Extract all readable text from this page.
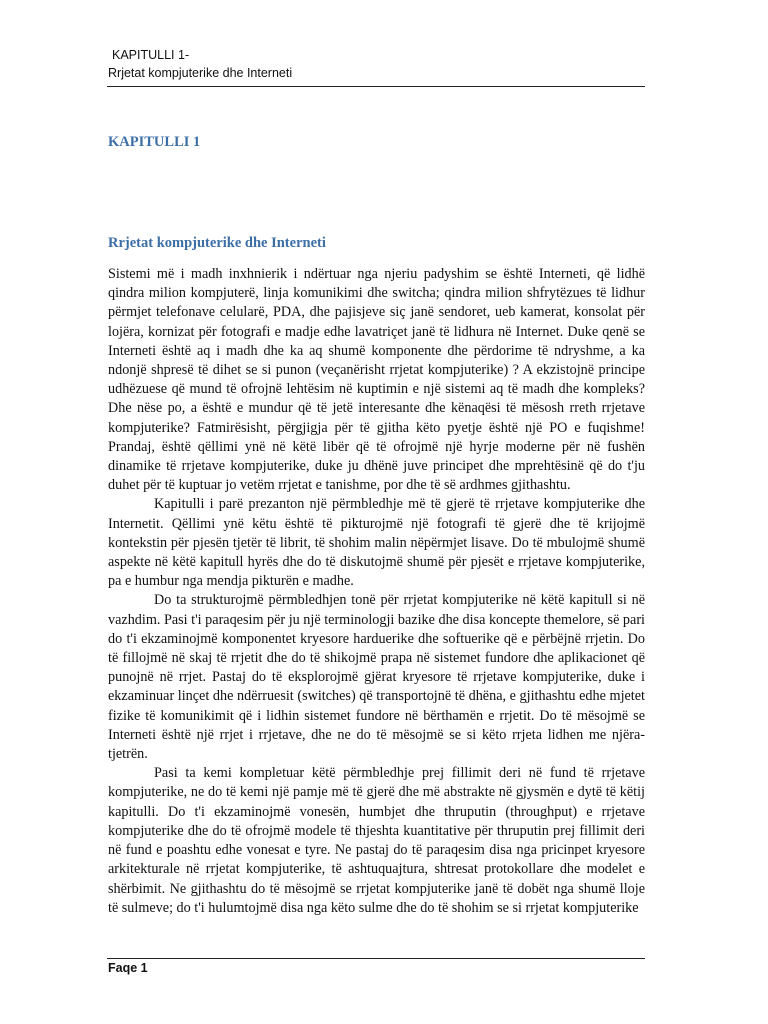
KAPITULLI 1-
Rrjetat kompjuterike dhe Interneti
KAPITULLI 1
Rrjetat kompjuterike dhe Interneti

Sistemi më i madh inxhnierik i ndërtuar nga njeriu padyshim se është Interneti, që lidhë qindra milion kompjuterë, linja komunikimi dhe switcha; qindra milion shfrytëzues të lidhur përmjet telefonave celularë, PDA, dhe pajisjeve siç janë sendoret, ueb kamerat, konsolat për lojëra, kornizat për fotografi e madje edhe lavatriçet janë të lidhura në Internet. Duke qenë se Interneti është aq i madh dhe ka aq shumë komponente dhe përdorime të ndryshme, a ka ndonjë shpresë të dihet se si punon (veçanërisht rrjetat kompjuterike) ? A ekzistojnë principe udhëzuese që mund të ofrojnë lehtësim në kuptimin e një sistemi aq të madh dhe kompleks? Dhe nëse po, a është e mundur që të jetë interesante dhe kënaqësi të mësosh rreth rrjetave kompjuterike? Fatmirësisht, përgjigja për të gjitha këto pyetje është një PO e fuqishme! Prandaj, është qëllimi ynë në këtë libër që të ofrojmë një hyrje moderne për në fushën dinamike të rrjetave kompjuterike, duke ju dhënë juve principet dhe mprehtësinë që do t'ju duhet për të kuptuar jo vetëm rrjetat e tanishme, por dhe të së ardhmes gjithashtu.

Kapitulli i parë prezanton një përmbledhje më të gjerë të rrjetave kompjuterike dhe Internetit. Qëllimi ynë këtu është të pikturojmë një fotografi të gjerë dhe të krijojmë kontekstin për pjesën tjetër të librit, të shohim malin nëpërmjet lisave. Do të mbulojmë shumë aspekte në këtë kapitull hyrës dhe do të diskutojmë shumë për pjesët e rrjetave kompjuterike, pa e humbur nga mendja pikturën e madhe.

Do ta strukturojmë përmbledhjen tonë për rrjetat kompjuterike në këtë kapitull si në vazhdim. Pasi t'i paraqesim për ju një terminologji bazike dhe disa koncepte themelore, së pari do t'i ekzaminojmë komponentet kryesore harduerike dhe softuerike që e përbëjnë rrjetin. Do të fillojmë në skaj të rrjetit dhe do të shikojmë prapa në sistemet fundore dhe aplikacionet që punojnë në rrjet. Pastaj do të eksplorojmë gjërat kryesore të rrjetave kompjuterike, duke i ekzaminuar linçet dhe ndërruesit (switches) që transportojnë të dhëna, e gjithashtu edhe mjetet fizike të komunikimit që i lidhin sistemet fundore në bërthamën e rrjetit. Do të mësojmë se Interneti është një rrjet i rrjetave, dhe ne do të mësojmë se si këto rrjeta lidhen me njëra-tjetrën.

Pasi ta kemi kompletuar këtë përmbledhje prej fillimit deri në fund të rrjetave kompjuterike, ne do të kemi një pamje më të gjerë dhe më abstrakte në gjysmën e dytë të këtij kapitulli. Do t'i ekzaminojmë vonesën, humbjet dhe thruputin (throughput) e rrjetave kompjuterike dhe do të ofrojmë modele të thjeshta kuantitative për thruputin prej fillimit deri në fund e poashtu edhe vonesat e tyre. Ne pastaj do të paraqesim disa nga pricinpet kryesore arkitekturale në rrjetat kompjuterike, të ashtuquajtura, shtresat protokollare dhe modelet e shërbimit. Ne gjithashtu do të mësojmë se rrjetat kompjuterike janë të dobët nga shumë lloje të sulmeve; do t'i hulumtojmë disa nga këto sulme dhe do të shohim se si rrjetat kompjuterike

Faqe 1
